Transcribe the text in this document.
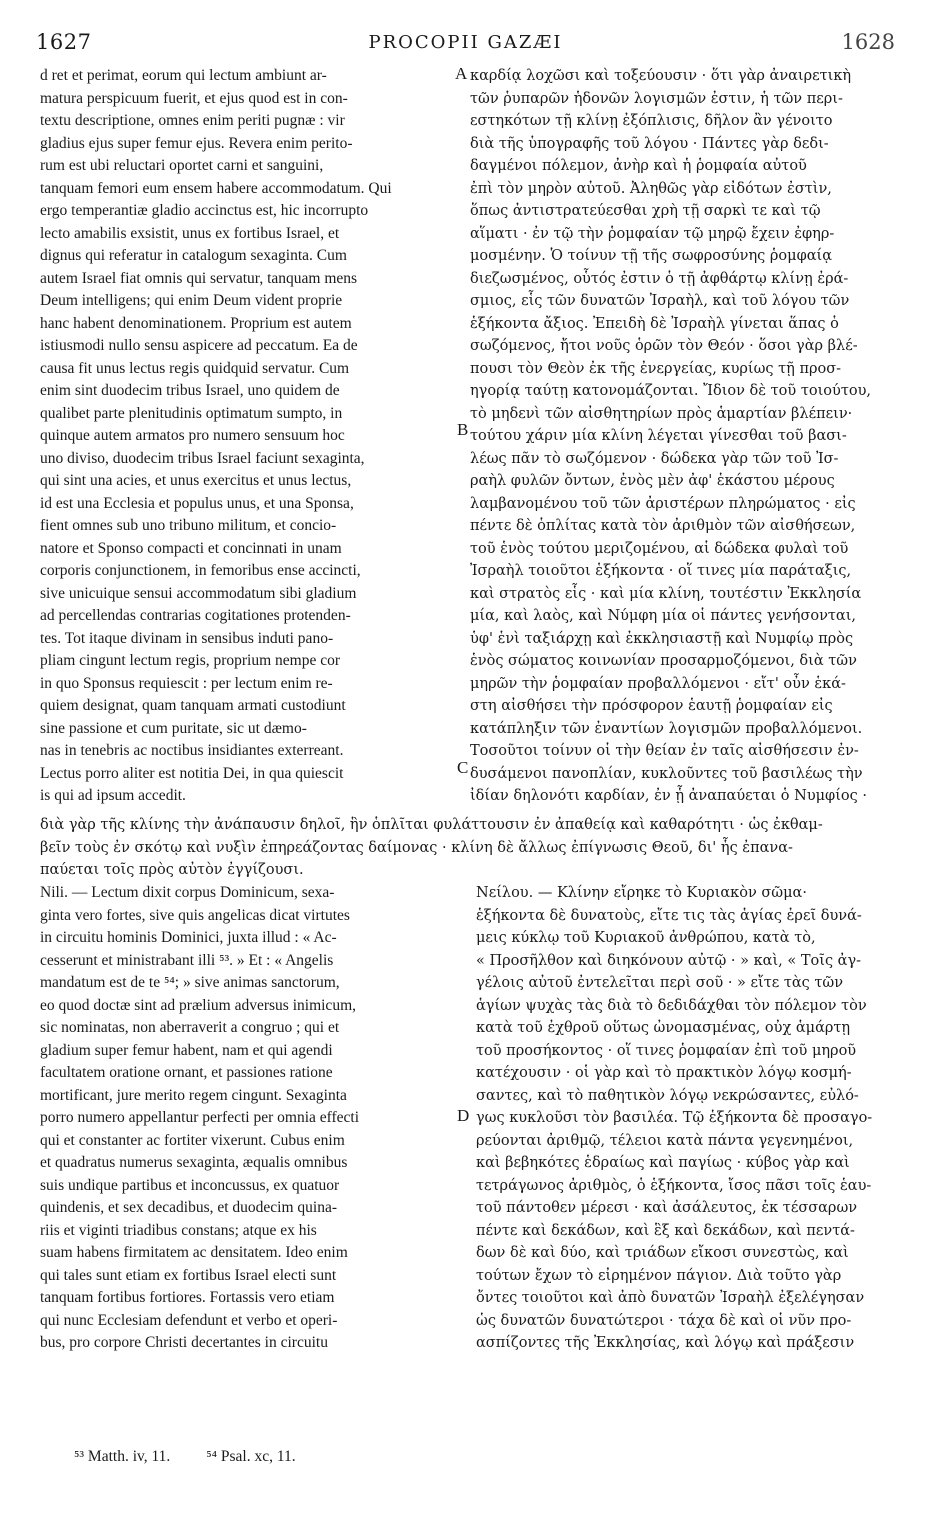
1627	PROCOPII GAZÆI	1628

d ret et perimat, eorum qui lectum ambiunt ar-

matura perspicuum fuerit, et ejus quod est in con-

textu descriptione, omnes enim periti pugnæ : vir

gladius ejus super femur ejus. Revera enim perito-

rum est ubi reluctari oportet carni et sanguini,

tanquam femori eum ensem habere accommodatum. Qui

ergo temperantiæ gladio accinctus est, hic incorrupto

lecto amabilis exsistit, unus ex fortibus Israel, et

dignus qui referatur in catalogum sexaginta. Cum

autem Israel fiat omnis qui servatur, tanquam mens

Deum intelligens; qui enim Deum vident proprie

hanc habent denominationem. Proprium est autem

istiusmodi nullo sensu aspicere ad peccatum. Ea de

causa fit unus lectus regis quidquid servatur. Cum

enim sint duodecim tribus Israel, uno quidem de

qualibet parte plenitudinis optimatum sumpto, in

quinque autem armatos pro numero sensuum hoc

uno diviso, duodecim tribus Israel faciunt sexaginta,

qui sint una acies, et unus exercitus et unus lectus,

id est una Ecclesia et populus unus, et una Sponsa,

fient omnes sub uno tribuno militum, et concio-

natore et Sponso compacti et concinnati in unam

corporis conjunctionem, in femoribus ense accincti,

sive unicuique sensui accommodatum sibi gladium

ad percellendas contrarias cogitationes protenden-

tes. Tot itaque divinam in sensibus induti pano-

pliam cingunt lectum regis, proprium nempe cor

in quo Sponsus requiescit : per lectum enim re-

quiem designat, quam tanquam armati custodiunt

sine passione et cum puritate, sic ut dæmo-

nas in tenebris ac noctibus insidiantes exterreant.

Lectus porro aliter est notitia Dei, in qua quiescit

is qui ad ipsum accedit.

καρδίᾳ λοχῶσι καὶ τοξεύουσιν · ὅτι γὰρ ἀναιρετικὴ

τῶν ῥυπαρῶν ἡδονῶν λογισμῶν ἐστιν, ἡ τῶν περι-

εστηκότων τῇ κλίνῃ ἐξόπλισις, δῆλον ἂν γένοιτο

διὰ τῆς ὑπογραφῆς τοῦ λόγου · Πάντες γὰρ δεδι-

δαγμένοι πόλεμον, ἀνὴρ καὶ ἡ ῥομφαία αὐτοῦ

ἐπὶ τὸν μηρὸν αὐτοῦ. Ἀληθῶς γὰρ εἰδότων ἐστὶν,

ὅπως ἀντιστρατεύεσθαι χρὴ τῇ σαρκὶ τε καὶ τῷ

αἵματι · ἐν τῷ τὴν ῥομφαίαν τῷ μηρῷ ἔχειν ἐφηρ-

μοσμένην. Ὁ τοίνυν τῇ τῆς σωφροσύνης ῥομφαίᾳ

διεζωσμένος, οὗτός ἐστιν ὁ τῇ ἀφθάρτῳ κλίνῃ ἐρά-

σμιος, εἷς τῶν δυνατῶν Ἰσραὴλ, καὶ τοῦ λόγου τῶν

ἑξήκοντα ἄξιος. Ἐπειδὴ δὲ Ἰσραὴλ γίνεται ἅπας ὁ

σωζόμενος, ἤτοι νοῦς ὁρῶν τὸν Θεόν · ὅσοι γὰρ βλέ-

πουσι τὸν Θεὸν ἐκ τῆς ἐνεργείας, κυρίως τῇ προσ-

ηγορίᾳ ταύτῃ κατονομάζονται. Ἴδιον δὲ τοῦ τοιούτου,

τὸ μηδενὶ τῶν αἰσθητηρίων πρὸς ἁμαρτίαν βλέπειν·

τούτου χάριν μία κλίνη λέγεται γίνεσθαι τοῦ βασι-

λέως πᾶν τὸ σωζόμενον · δώδεκα γὰρ τῶν τοῦ Ἰσ-

ραὴλ φυλῶν ὄντων, ἑνὸς μὲν ἀφ' ἑκάστου μέρους

λαμβανομένου τοῦ τῶν ἀριστέρων πληρώματος · εἰς

πέντε δὲ ὁπλίτας κατὰ τὸν ἀριθμὸν τῶν αἰσθήσεων,

τοῦ ἑνὸς τούτου μεριζομένου, αἱ δώδεκα φυλαὶ τοῦ

Ἰσραὴλ τοιοῦτοι ἑξήκοντα · οἵ τινες μία παράταξις,

καὶ στρατὸς εἷς · καὶ μία κλίνη, τουτέστιν Ἐκκλησία

μία, καὶ λαὸς, καὶ Νύμφη μία οἱ πάντες γενήσονται,

ὑφ' ἑνὶ ταξιάρχῃ καὶ ἐκκλησιαστῇ καὶ Νυμφίῳ πρὸς

ἑνὸς σώματος κοινωνίαν προσαρμοζόμενοι, διὰ τῶν

μηρῶν τὴν ῥομφαίαν προβαλλόμενοι · εἴτ' οὖν ἑκά-

στη αἰσθήσει τὴν πρόσφορον ἑαυτῇ ῥομφαίαν εἰς

κατάπληξιν τῶν ἐναντίων λογισμῶν προβαλλόμενοι.

Τοσοῦτοι τοίνυν οἱ τὴν θείαν ἐν ταῖς αἰσθήσεσιν ἐν-

δυσάμενοι πανοπλίαν, κυκλοῦντες τοῦ βασιλέως τὴν

ἰδίαν δηλονότι καρδίαν, ἐν ᾗ ἀναπαύεται ὁ Νυμφίος ·

διὰ γὰρ τῆς κλίνης τὴν ἀνάπαυσιν δηλοῖ, ἣν ὁπλῖται φυλάττουσιν ἐν ἀπαθείᾳ καὶ καθαρότητι · ὡς ἐκθαμ-

βεῖν τοὺς ἐν σκότῳ καὶ νυξὶν ἐπηρεάζοντας δαίμονας · κλίνη δὲ ἄλλως ἐπίγνωσις Θεοῦ, δι' ἧς ἐπανα-

παύεται τοῖς πρὸς αὐτὸν ἐγγίζουσι.

Nili. — Lectum dixit corpus Dominicum, sexa-

ginta vero fortes, sive quis angelicas dicat virtutes

in circuitu hominis Dominici, juxta illud : « Ac-

cesserunt et ministrabant illi ⁵³. » Et : « Angelis

mandatum est de te ⁵⁴; » sive animas sanctorum,

eo quod doctæ sint ad prælium adversus inimicum,

sic nominatas, non aberraverit a congruo ; qui et

gladium super femur habent, nam et qui agendi

facultatem oratione ornant, et passiones ratione

mortificant, jure merito regem cingunt. Sexaginta

porro numero appellantur perfecti per omnia effecti

qui et constanter ac fortiter vixerunt. Cubus enim

et quadratus numerus sexaginta, æqualis omnibus

suis undique partibus et inconcussus, ex quatuor

quindenis, et sex decadibus, et duodecim quina-

riis et viginti triadibus constans; atque ex his

suam habens firmitatem ac densitatem. Ideo enim

qui tales sunt etiam ex fortibus Israel electi sunt

tanquam fortibus fortiores. Fortassis vero etiam

qui nunc Ecclesiam defendunt et verbo et operi-

bus, pro corpore Christi decertantes in circuitu

Νείλου. — Κλίνην εἴρηκε τὸ Κυριακὸν σῶμα·

ἑξήκοντα δὲ δυνατοὺς, εἴτε τις τὰς ἁγίας ἐρεῖ δυνά-

μεις κύκλῳ τοῦ Κυριακοῦ ἀνθρώπου, κατὰ τὸ,

« Προσῆλθον καὶ διηκόνουν αὐτῷ · » καὶ, « Τοῖς ἀγ-

γέλοις αὐτοῦ ἐντελεῖται περὶ σοῦ · » εἴτε τὰς τῶν

ἁγίων ψυχὰς τὰς διὰ τὸ δεδιδάχθαι τὸν πόλεμον τὸν

κατὰ τοῦ ἐχθροῦ οὕτως ὠνομασμένας, οὐχ ἁμάρτῃ

τοῦ προσήκοντος · οἵ τινες ῥομφαίαν ἐπὶ τοῦ μηροῦ

κατέχουσιν · οἱ γὰρ καὶ τὸ πρακτικὸν λόγῳ κοσμή-

σαντες, καὶ τὸ παθητικὸν λόγῳ νεκρώσαντες, εὐλό-

γως κυκλοῦσι τὸν βασιλέα. Τῷ ἑξήκοντα δὲ προσαγο-

ρεύονται ἀριθμῷ, τέλειοι κατὰ πάντα γεγενημένοι,

καὶ βεβηκότες ἑδραίως καὶ παγίως · κύβος γὰρ καὶ

τετράγωνος ἀριθμὸς, ὁ ἑξήκοντα, ἴσος πᾶσι τοῖς ἑαυ-

τοῦ πάντοθεν μέρεσι · καὶ ἀσάλευτος, ἐκ τέσσαρων

πέντε καὶ δεκάδων, καὶ ἓξ καὶ δεκάδων, καὶ πεντά-

δων δὲ καὶ δύο, καὶ τριάδων εἴκοσι συνεστὼς, καὶ

τούτων ἔχων τὸ εἰρημένον πάγιον. Διὰ τοῦτο γὰρ

ὄντες τοιοῦτοι καὶ ἀπὸ δυνατῶν Ἰσραὴλ ἐξελέγησαν

ὡς δυνατῶν δυνατώτεροι · τάχα δὲ καὶ οἱ νῦν προ-

ασπίζοντες τῆς Ἐκκλησίας, καὶ λόγῳ καὶ πράξεσιν

A
B
C
D
⁵³ Matth. iv, 11. ⁵⁴ Psal. xc, 11.
